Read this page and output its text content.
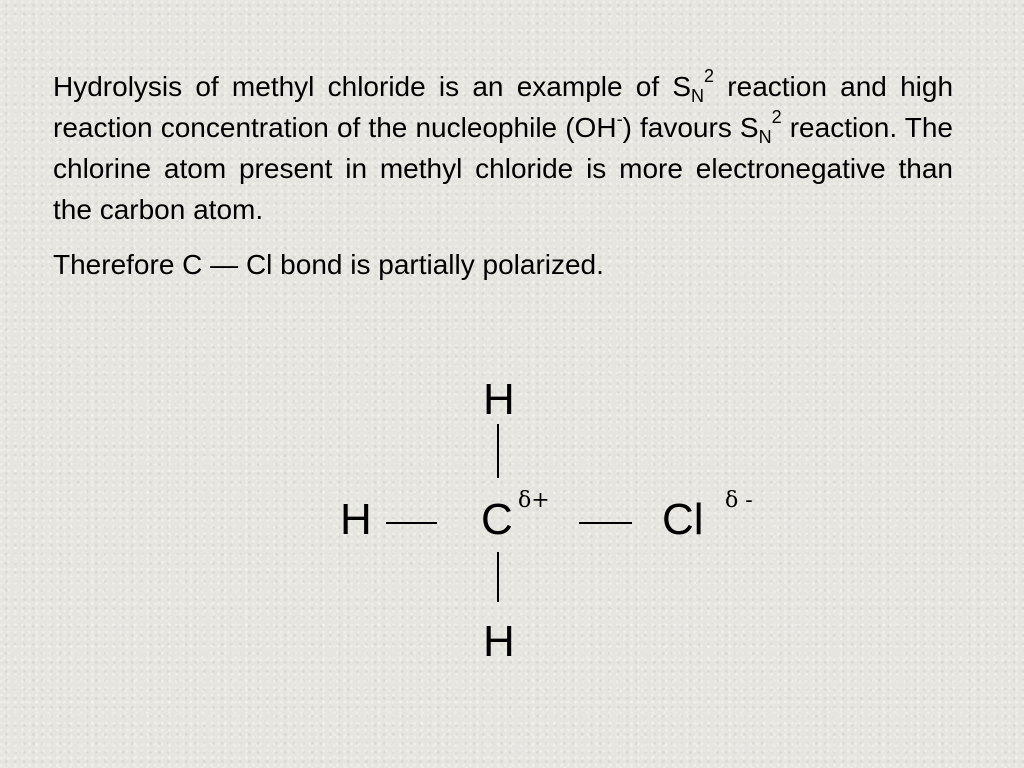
Hydrolysis of methyl chloride is an example of $S_N^2$ reaction and high reaction concentration of the nucleophile (OH-) favours $S_N^2$ reaction. The chlorine atom present in methyl chloride is more electronegative than the carbon atom.

Therefore C — Cl bond is partially polarized.

H
H C δ+	Cl δ -
H
